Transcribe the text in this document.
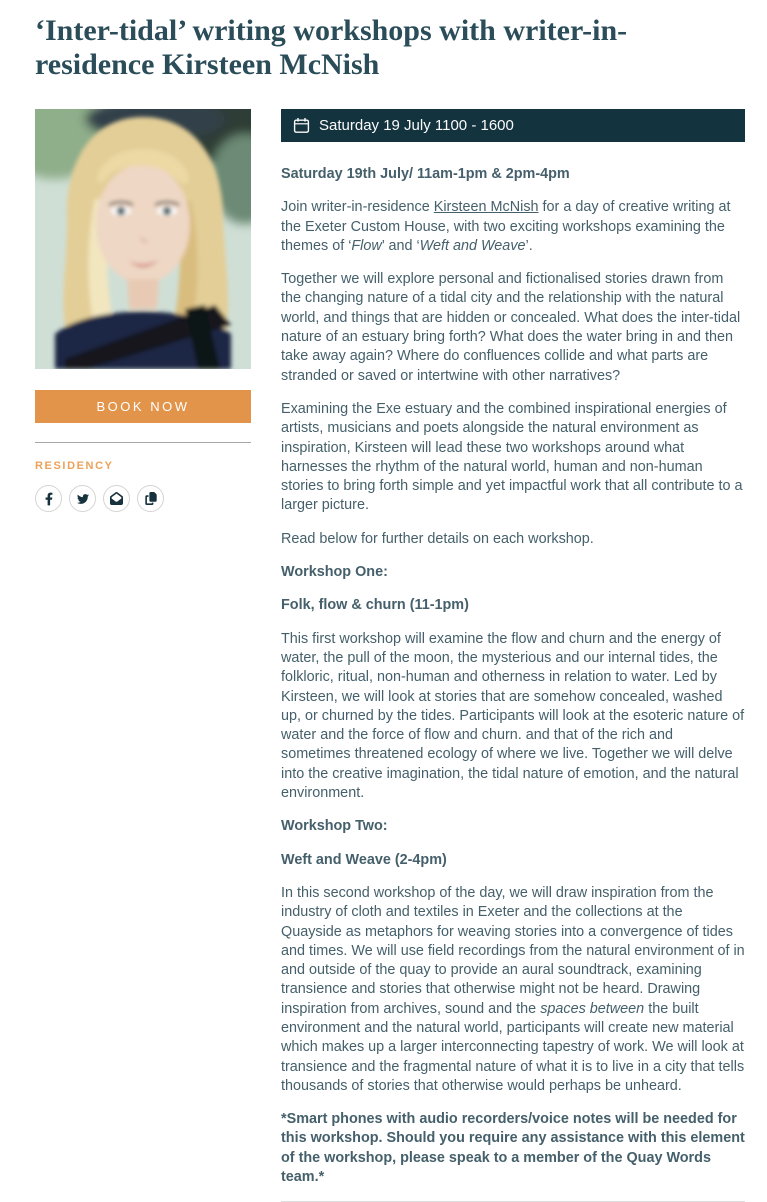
‘Inter-tidal’ writing workshops with writer-in-residence Kirsteen McNish
BOOK NOW
RESIDENCY
Saturday 19 July 1100 - 1600

Saturday 19th July/ 11am-1pm & 2pm-4pm

Join writer-in-residence Kirsteen McNish for a day of creative writing at the Exeter Custom House, with two exciting workshops examining the themes of ‘Flow’ and ‘Weft and Weave’.

Together we will explore personal and fictionalised stories drawn from the changing nature of a tidal city and the relationship with the natural world, and things that are hidden or concealed. What does the inter-tidal nature of an estuary bring forth? What does the water bring in and then take away again? Where do confluences collide and what parts are stranded or saved or intertwine with other narratives?

Examining the Exe estuary and the combined inspirational energies of artists, musicians and poets alongside the natural environment as inspiration, Kirsteen will lead these two workshops around what harnesses the rhythm of the natural world, human and non-human stories to bring forth simple and yet impactful work that all contribute to a larger picture.

Read below for further details on each workshop.

Workshop One:

Folk, flow & churn (11-1pm)

This first workshop will examine the flow and churn and the energy of water, the pull of the moon, the mysterious and our internal tides, the folkloric, ritual, non-human and otherness in relation to water. Led by Kirsteen, we will look at stories that are somehow concealed, washed up, or churned by the tides. Participants will look at the esoteric nature of water and the force of flow and churn. and that of the rich and sometimes threatened ecology of where we live. Together we will delve into the creative imagination, the tidal nature of emotion, and the natural environment.

Workshop Two:

Weft and Weave (2-4pm)

In this second workshop of the day, we will draw inspiration from the industry of cloth and textiles in Exeter and the collections at the Quayside as metaphors for weaving stories into a convergence of tides and times. We will use field recordings from the natural environment of in and outside of the quay to provide an aural soundtrack, examining transience and stories that otherwise might not be heard. Drawing inspiration from archives, sound and the spaces between the built environment and the natural world, participants will create new material which makes up a larger interconnecting tapestry of work. We will look at transience and the fragmental nature of what it is to live in a city that tells thousands of stories that otherwise would perhaps be unheard.

*Smart phones with audio recorders/voice notes will be needed for this workshop. Should you require any assistance with this element of the workshop, please speak to a member of the Quay Words team.*
